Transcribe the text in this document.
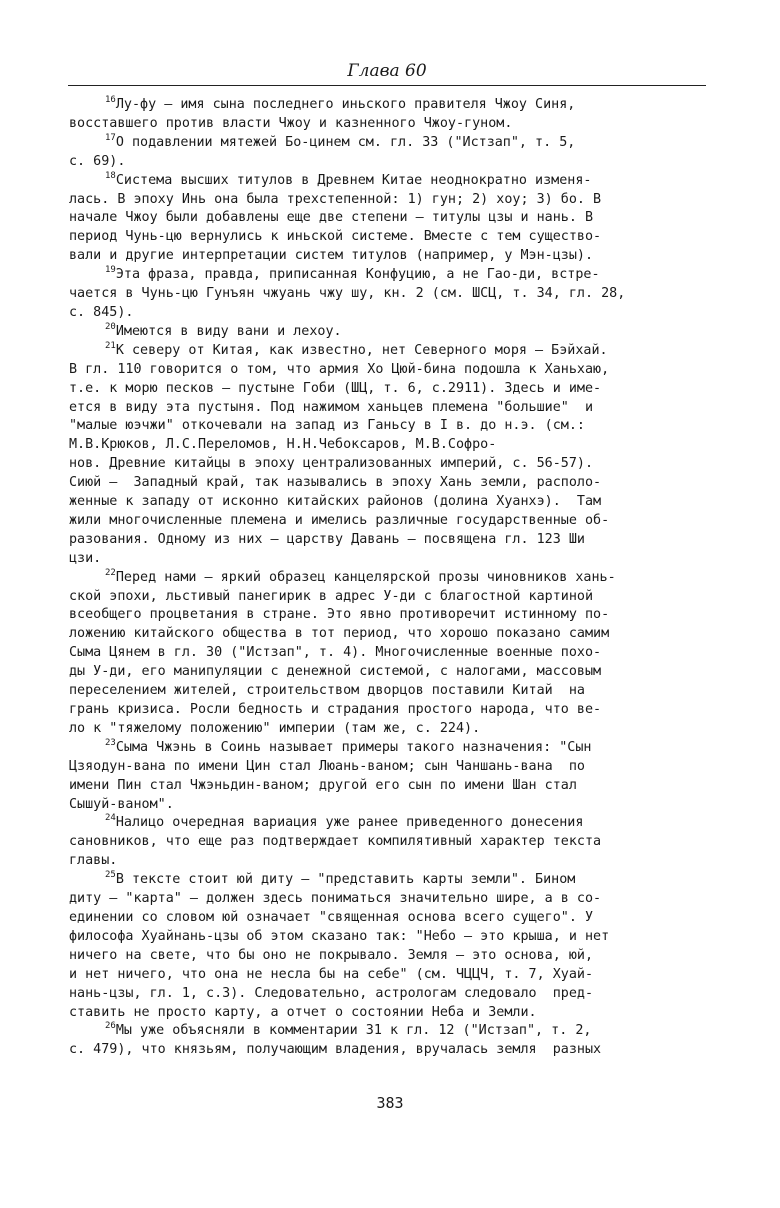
Глава 60
$^{16}$Лу-фу — имя сына последнего иньского правителя Чжоу Синя,
восставшего против власти Чжоу и казненного Чжоу-гуном.
$^{17}$О подавлении мятежей Бо-цинем см. гл. 33 ("Истзап", т. 5,
с. 69).
$^{18}$Система высших титулов в Древнем Китае неоднократно изменя-
лась. В эпоху Инь она была трехстепенной: 1) гун; 2) хоу; 3) бо. В
начале Чжоу были добавлены еще две степени — титулы цзы и нань. В
период Чунь-цю вернулись к иньской системе. Вместе с тем существо-
вали и другие интерпретации систем титулов (например, у Мэн-цзы).
$^{19}$Эта фраза, правда, приписанная Конфуцию, а не Гао-ди, встре-
чается в Чунь-цю Гунъян чжуань чжу шу, кн. 2 (см. ШСЦ, т. 34, гл. 28,
с. 845).
$^{20}$Имеются в виду вани и лехоу.
$^{21}$К северу от Китая, как известно, нет Северного моря — Бэйхай.
В гл. 110 говорится о том, что армия Хо Цюй-бина подошла к Ханьхаю,
т.е. к морю песков — пустыне Гоби (ШЦ, т. 6, с.2911). Здесь и име-
ется в виду эта пустыня. Под нажимом ханьцев племена "большие"  и
"малые юэчжи" откочевали на запад из Ганьсу в I в. до н.э. (см.:
М.В.Крюков, Л.С.Переломов, Н.Н.Чебоксаров, М.В.Софро-
нов. Древние китайцы в эпоху централизованных империй, с. 56-57).
Сиюй —  Западный край, так назывались в эпоху Хань земли, располо-
женные к западу от исконно китайских районов (долина Хуанхэ).  Там
жили многочисленные племена и имелись различные государственные об-
разования. Одному из них — царству Давань — посвящена гл. 123 Ши
цзи.
$^{22}$Перед нами — яркий образец канцелярской прозы чиновников хань-
ской эпохи, льстивый панегирик в адрес У-ди с благостной картиной
всеобщего процветания в стране. Это явно противоречит истинному по-
ложению китайского общества в тот период, что хорошо показано самим
Сыма Цянем в гл. 30 ("Истзап", т. 4). Многочисленные военные похо-
ды У-ди, его манипуляции с денежной системой, с налогами, массовым
переселением жителей, строительством дворцов поставили Китай  на
грань кризиса. Росли бедность и страдания простого народа, что ве-
ло к "тяжелому положению" империи (там же, с. 224).
$^{23}$Сыма Чжэнь в Соинь называет примеры такого назначения: "Сын
Цзяодун-вана по имени Цин стал Люань-ваном; сын Чаншань-вана  по
имени Пин стал Чжэньдин-ваном; другой его сын по имени Шан стал
Сышуй-ваном".
$^{24}$Налицо очередная вариация уже ранее приведенного донесения
сановников, что еще раз подтверждает компилятивный характер текста
главы.
$^{25}$В тексте стоит юй диту — "представить карты земли". Бином
диту — "карта" — должен здесь пониматься значительно шире, а в со-
единении со словом юй означает "священная основа всего сущего". У
философа Хуайнань-цзы об этом сказано так: "Небо — это крыша, и нет
ничего на свете, что бы оно не покрывало. Земля — это основа, юй,
и нет ничего, что она не несла бы на себе" (см. ЧЦЦЧ, т. 7, Хуай-
нань-цзы, гл. 1, с.3). Следовательно, астрологам следовало  пред-
ставить не просто карту, а отчет о состоянии Неба и Земли.
$^{26}$Мы уже объясняли в комментарии 31 к гл. 12 ("Истзап", т. 2,
с. 479), что князьям, получающим владения, вручалась земля  разных
383
